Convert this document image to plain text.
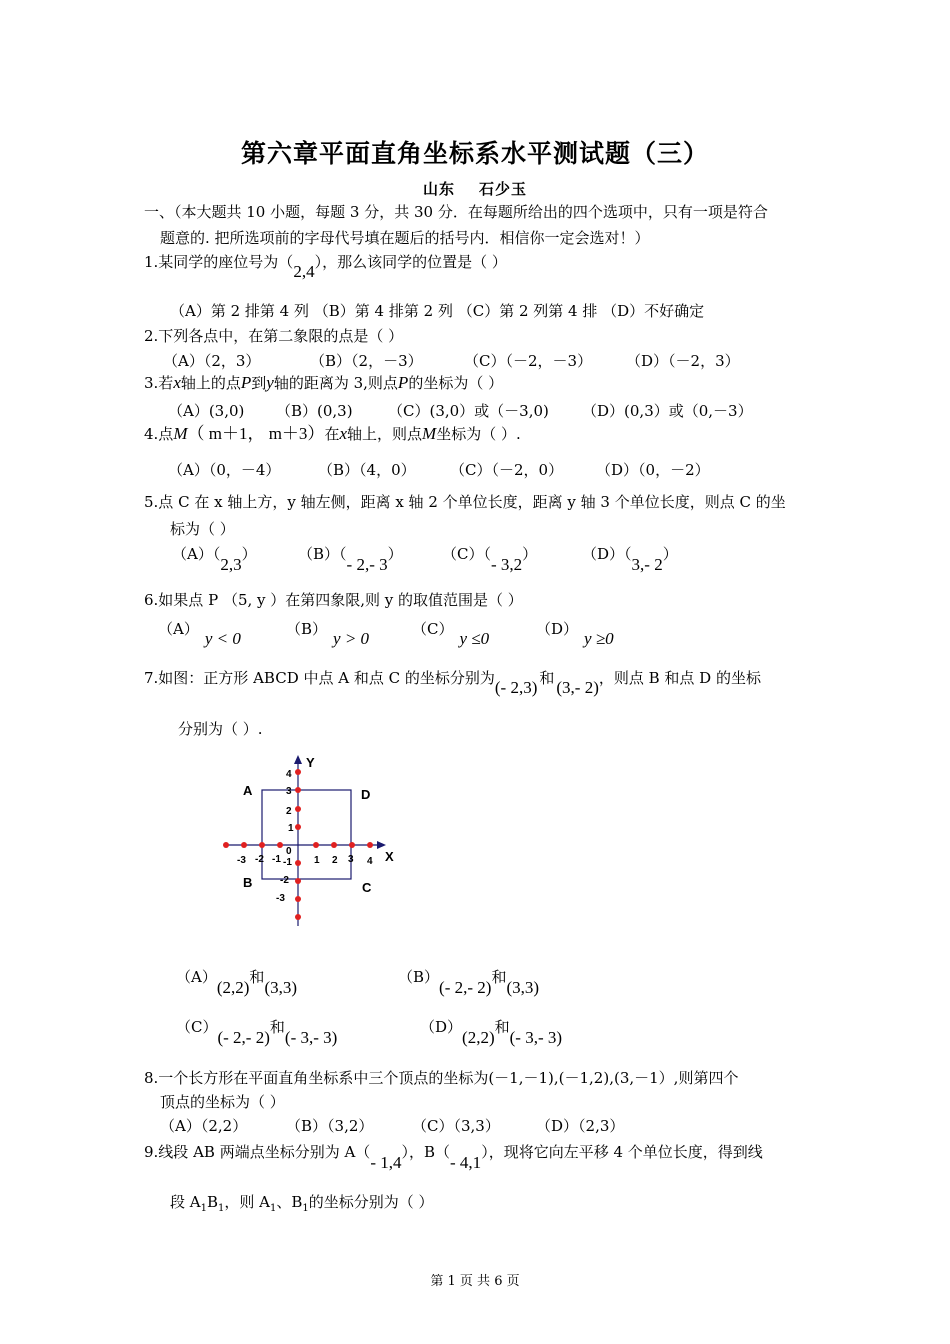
第六章平面直角坐标系水平测试题（三）
山东 石少玉
一、（本大题共 10 小题，每题 3 分，共 30 分．在每题所给出的四个选项中，只有一项是符合
题意的. 把所选项前的字母代号填在题后的括号内．相信你一定会选对！）
1.某同学的座位号为（2,4），那么该同学的位置是（ ）
（A）第 2 排第 4 列 （B）第 4 排第 2 列 （C）第 2 列第 4 排 （D）不好确定
2.下列各点中，在第二象限的点是（ ）
（A）（2，3）	（B）（2，－3）	（C）（－2，－3） （D）（－2，3）
3.若x轴上的点P到y轴的距离为 3,则点P的坐标为（ ）
（A）(3,0) （B）(0,3) （C）(3,0）或（－3,0) （D）(0,3）或（0,－3）
4.点M（ m＋1， m＋3）在x轴上，则点M坐标为（ ）.
（A）（0，－4）	（B）（4，0） （C）（－2，0） （D）（0，－2）
5.点 C 在 x 轴上方，y 轴左侧，距离 x 轴 2 个单位长度，距离 y 轴 3 个单位长度，则点 C 的坐
标为（ ）
（A）（2,3）	（B）（- 2,- 3）	（C）（- 3,2）	（D）（3,- 2）
6.如果点 P （5, y ）在第四象限,则 y 的取值范围是（ ）
（A） y < 0	（B） y > 0	（C） y ≤0	（D） y ≥0
7.如图：正方形 ABCD 中点 A 和点 C 的坐标分别为(- 2,3) 和 (3,- 2)，则点 B 和点 D 的坐标
分别为（ ）.
A	D
B	C
Y
X
0
-3 -2 -1	1 2 3 4
4
3
2
1
-1
-2
-3
（A）(2,2)和(3,3)
（B）(- 2,- 2)和(3,3)
（C）(- 2,- 2)和(- 3,- 3)
（D）(2,2)和(- 3,- 3)
8.一个长方形在平面直角坐标系中三个顶点的坐标为(－1,－1),(－1,2),(3,－1）,则第四个
顶点的坐标为（ ）
（A）（2,2）	（B）（3,2）	（C）（3,3） （D）（2,3）
9.线段 AB 两端点坐标分别为 A（- 1,4），B（- 4,1），现将它向左平移 4 个单位长度，得到线
段 $A_1B_1$，则 $A_1$、$B_1$的坐标分别为（ ）
第 1 页 共 6 页
